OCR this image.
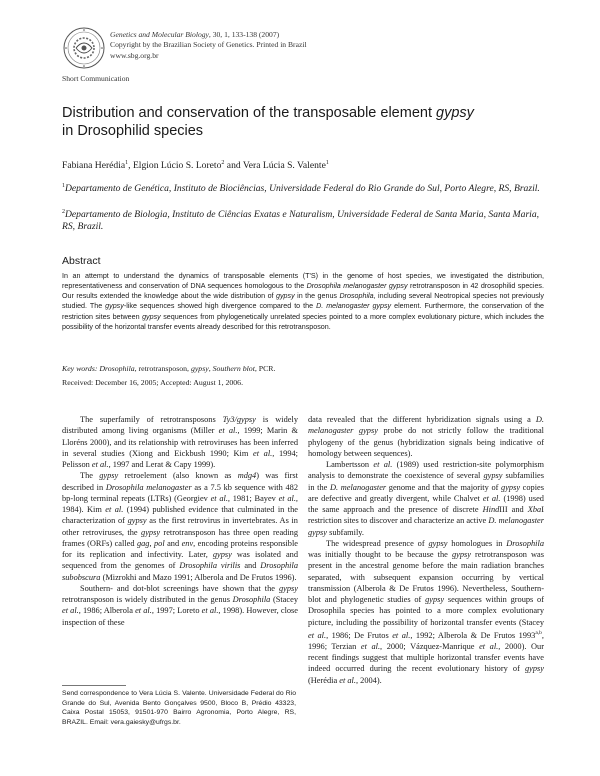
Genetics and Molecular Biology, 30, 1, 133-138 (2007)
Copyright by the Brazilian Society of Genetics. Printed in Brazil
www.sbg.org.br
Short Communication
Distribution and conservation of the transposable element gypsy
in Drosophilid species
Fabiana Herédia$^1$, Elgion Lúcio S. Loreto$^2$ and Vera Lúcia S. Valente$^1$
$^1$Departamento de Genética, Instituto de Biociências, Universidade Federal do Rio Grande do Sul, Porto Alegre, RS, Brazil.
$^2$Departamento de Biologia, Instituto de Ciências Exatas e Naturalism, Universidade Federal de Santa Maria, Santa Maria, RS, Brazil.
Abstract
In an attempt to understand the dynamics of transposable elements (T'S) in the genome of host species, we investigated the distribution, representativeness and conservation of DNA sequences homologous to the Drosophila melanogaster gypsy retrotransposon in 42 drosophilid species. Our results extended the knowledge about the wide distribution of gypsy in the genus Drosophila, including several Neotropical species not previously studied. The gypsy-like sequences showed high divergence compared to the D. melanogaster gypsy element. Furthermore, the conservation of the restriction sites between gypsy sequences from phylogenetically unrelated species pointed to a more complex evolutionary picture, which includes the possibility of the horizontal transfer events already described for this retrotransposon.
Key words: Drosophila, retrotransposon, gypsy, Southern blot, PCR.
Received: December 16, 2005; Accepted: August 1, 2006.

The superfamily of retrotransposons Ty3/gypsy is widely distributed among living organisms (Miller et al., 1999; Marin & Lloréns 2000), and its relationship with retroviruses has been inferred in several studies (Xiong and Eickbush 1990; Kim et al., 1994; Pelisson et al., 1997 and Lerat & Capy 1999).

The gypsy retroelement (also known as mdg4) was first described in Drosophila melanogaster as a 7.5 kb sequence with 482 bp-long terminal repeats (LTRs) (Georgiev et al., 1981; Bayev et al., 1984). Kim et al. (1994) published evidence that culminated in the characterization of gypsy as the first retrovirus in invertebrates. As in other retroviruses, the gypsy retrotransposon has three open reading frames (ORFs) called gag, pol and env, encoding proteins responsible for its replication and infectivity. Later, gypsy was isolated and sequenced from the genomes of Drosophila virilis and Drosophila subobscura (Mizrokhi and Mazo 1991; Alberola and De Frutos 1996).

Southern- and dot-blot screenings have shown that the gypsy retrotransposon is widely distributed in the genus Drosophila (Stacey et al., 1986; Alberola et al., 1997; Loreto et al., 1998). However, close inspection of these

Send correspondence to Vera Lúcia S. Valente. Universidade Federal do Rio Grande do Sul, Avenida Bento Gonçalves 9500, Bloco B, Prédio 43323, Caixa Postal 15053, 91501-970 Bairro Agronomia, Porto Alegre, RS, BRAZIL. Email: vera.gaiesky@ufrgs.br.

data revealed that the different hybridization signals using a D. melanogaster gypsy probe do not strictly follow the traditional phylogeny of the genus (hybridization signals being indicative of homology between sequences).

Lambertsson et al. (1989) used restriction-site polymorphism analysis to demonstrate the coexistence of several gypsy subfamilies in the D. melanogaster genome and that the majority of gypsy copies are defective and greatly divergent, while Chalvet et al. (1998) used the same approach and the presence of discrete HindIII and XbaI restriction sites to discover and characterize an active D. melanogaster gypsy subfamily.

The widespread presence of gypsy homologues in Drosophila was initially thought to be because the gypsy retrotransposon was present in the ancestral genome before the main radiation branches separated, with subsequent expansion occurring by vertical transmission (Alberola & De Frutos 1996). Nevertheless, Southern-blot and phylogenetic studies of gypsy sequences within groups of Drosophila species has pointed to a more complex evolutionary picture, including the possibility of horizontal transfer events (Stacey et al., 1986; De Frutos et al., 1992; Alberola & De Frutos 1993$^{a,b}$, 1996; Terzian et al., 2000; Vázquez-Manrique et al., 2000). Our recent findings suggest that multiple horizontal transfer events have indeed occurred during the recent evolutionary history of gypsy (Herédia et al., 2004).
